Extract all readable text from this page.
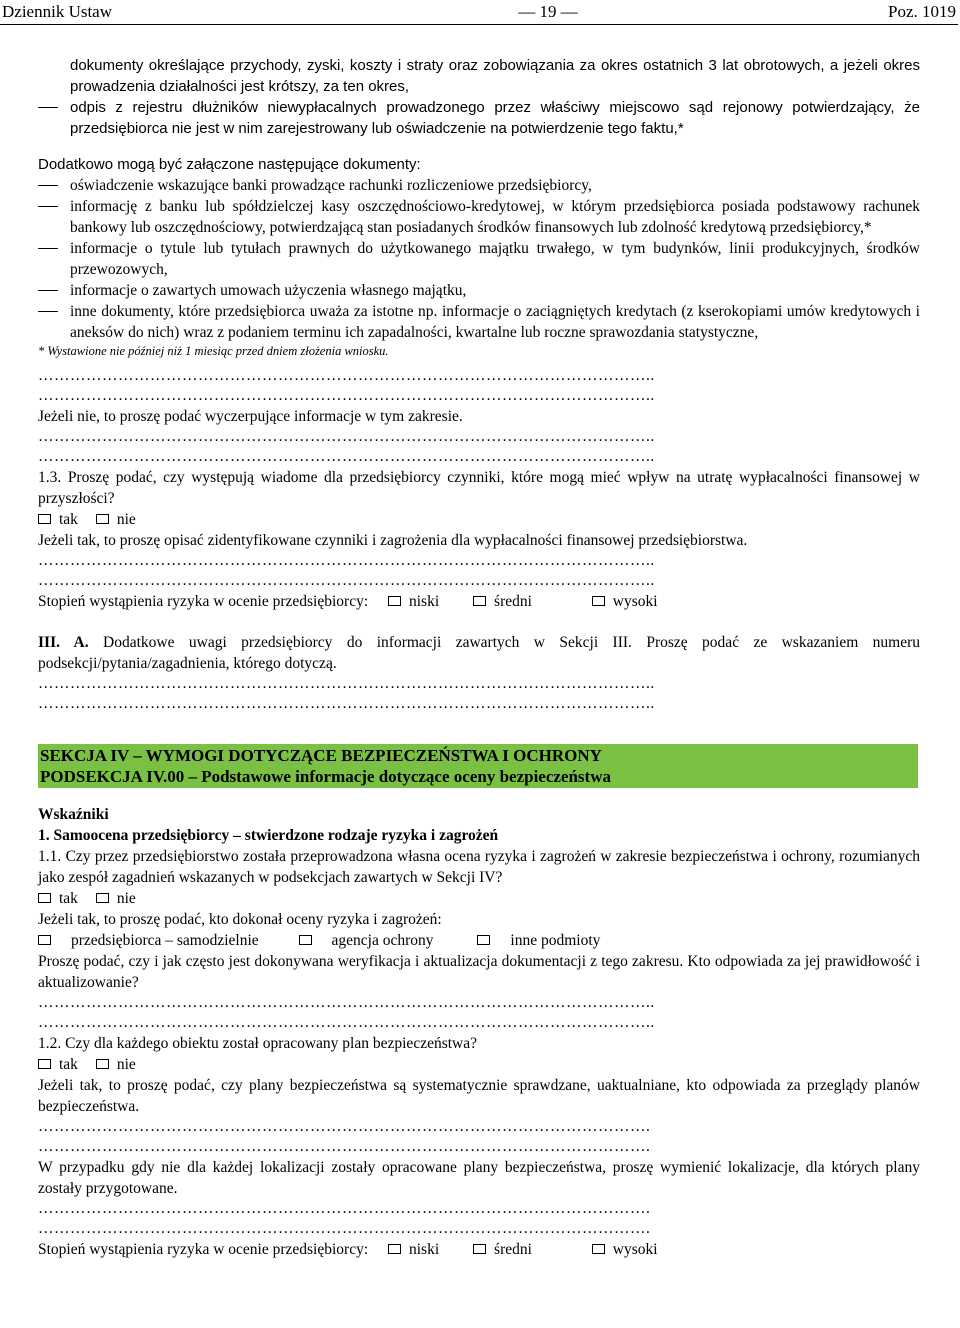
Dziennik Ustaw	— 19 —	Poz. 1019
dokumenty określające przychody, zyski, koszty i straty oraz zobowiązania za okres ostatnich 3 lat obrotowych, a jeżeli okres prowadzenia działalności jest krótszy, za ten okres,
odpis z rejestru dłużników niewypłacalnych prowadzonego przez właściwy miejscowo sąd rejonowy potwierdzający, że przedsiębiorca nie jest w nim zarejestrowany lub oświadczenie na potwierdzenie tego faktu,*
Dodatkowo mogą być załączone następujące dokumenty:
oświadczenie wskazujące banki prowadzące rachunki rozliczeniowe przedsiębiorcy,
informację z banku lub spółdzielczej kasy oszczędnościowo-kredytowej, w którym przedsiębiorca posiada podstawowy rachunek bankowy lub oszczędnościowy, potwierdzającą stan posiadanych środków finansowych lub zdolność kredytową przedsiębiorcy,*
informacje o tytule lub tytułach prawnych do użytkowanego majątku trwałego, w tym budynków, linii produkcyjnych, środków przewozowych,
informacje o zawartych umowach użyczenia własnego majątku,
inne dokumenty, które przedsiębiorca uważa za istotne np. informacje o zaciągniętych kredytach (z kserokopiami umów kredytowych i aneksów do nich) wraz z podaniem terminu ich zapadalności, kwartalne lub roczne sprawozdania statystyczne,
* Wystawione nie później niż 1 miesiąc przed dniem złożenia wniosku.
……………………………………………………………………………………………………..
……………………………………………………………………………………………………..
Jeżeli nie, to proszę podać wyczerpujące informacje w tym zakresie.
……………………………………………………………………………………………………..
……………………………………………………………………………………………………..
1.3. Proszę podać, czy występują wiadome dla przedsiębiorcy czynniki, które mogą mieć wpływ na utratę wypłacalności finansowej w przyszłości?
tak	nie
Jeżeli tak, to proszę opisać zidentyfikowane czynniki i zagrożenia dla wypłacalności finansowej przedsiębiorstwa.
……………………………………………………………………………………………………..
……………………………………………………………………………………………………..
Stopień wystąpienia ryzyka w ocenie przedsiębiorcy:	niski	średni	wysoki
III. A. Dodatkowe uwagi przedsiębiorcy do informacji zawartych w Sekcji III. Proszę podać ze wskazaniem numeru podsekcji/pytania/zagadnienia, którego dotyczą.
……………………………………………………………………………………………………..
……………………………………………………………………………………………………..
SEKCJA IV – WYMOGI DOTYCZĄCE BEZPIECZEŃSTWA I OCHRONY
PODSEKCJA IV.00 – Podstawowe informacje dotyczące oceny bezpieczeństwa
Wskaźniki
1. Samoocena przedsiębiorcy – stwierdzone rodzaje ryzyka i zagrożeń
1.1. Czy przez przedsiębiorstwo została przeprowadzona własna ocena ryzyka i zagrożeń w zakresie bezpieczeństwa i ochrony, rozumianych jako zespół zagadnień wskazanych w podsekcjach zawartych w Sekcji IV?
tak	nie
Jeżeli tak, to proszę podać, kto dokonał oceny ryzyka i zagrożeń:
przedsiębiorca – samodzielnie	agencja ochrony	inne podmioty
Proszę podać, czy i jak często jest dokonywana weryfikacja i aktualizacja dokumentacji z tego zakresu. Kto odpowiada za jej prawidłowość i aktualizowanie?
……………………………………………………………………………………………………..
……………………………………………………………………………………………………..
1.2. Czy dla każdego obiektu został opracowany plan bezpieczeństwa?
tak	nie
Jeżeli tak, to proszę podać, czy plany bezpieczeństwa są systematycznie sprawdzane, uaktualniane, kto odpowiada za przeglądy planów bezpieczeństwa.
…………………………………………………………………………………………………….
…………………………………………………………………………………………………….
W przypadku gdy nie dla każdej lokalizacji zostały opracowane plany bezpieczeństwa, proszę wymienić lokalizacje, dla których plany zostały przygotowane.
…………………………………………………………………………………………………….
…………………………………………………………………………………………………….
Stopień wystąpienia ryzyka w ocenie przedsiębiorcy:	niski	średni	wysoki
